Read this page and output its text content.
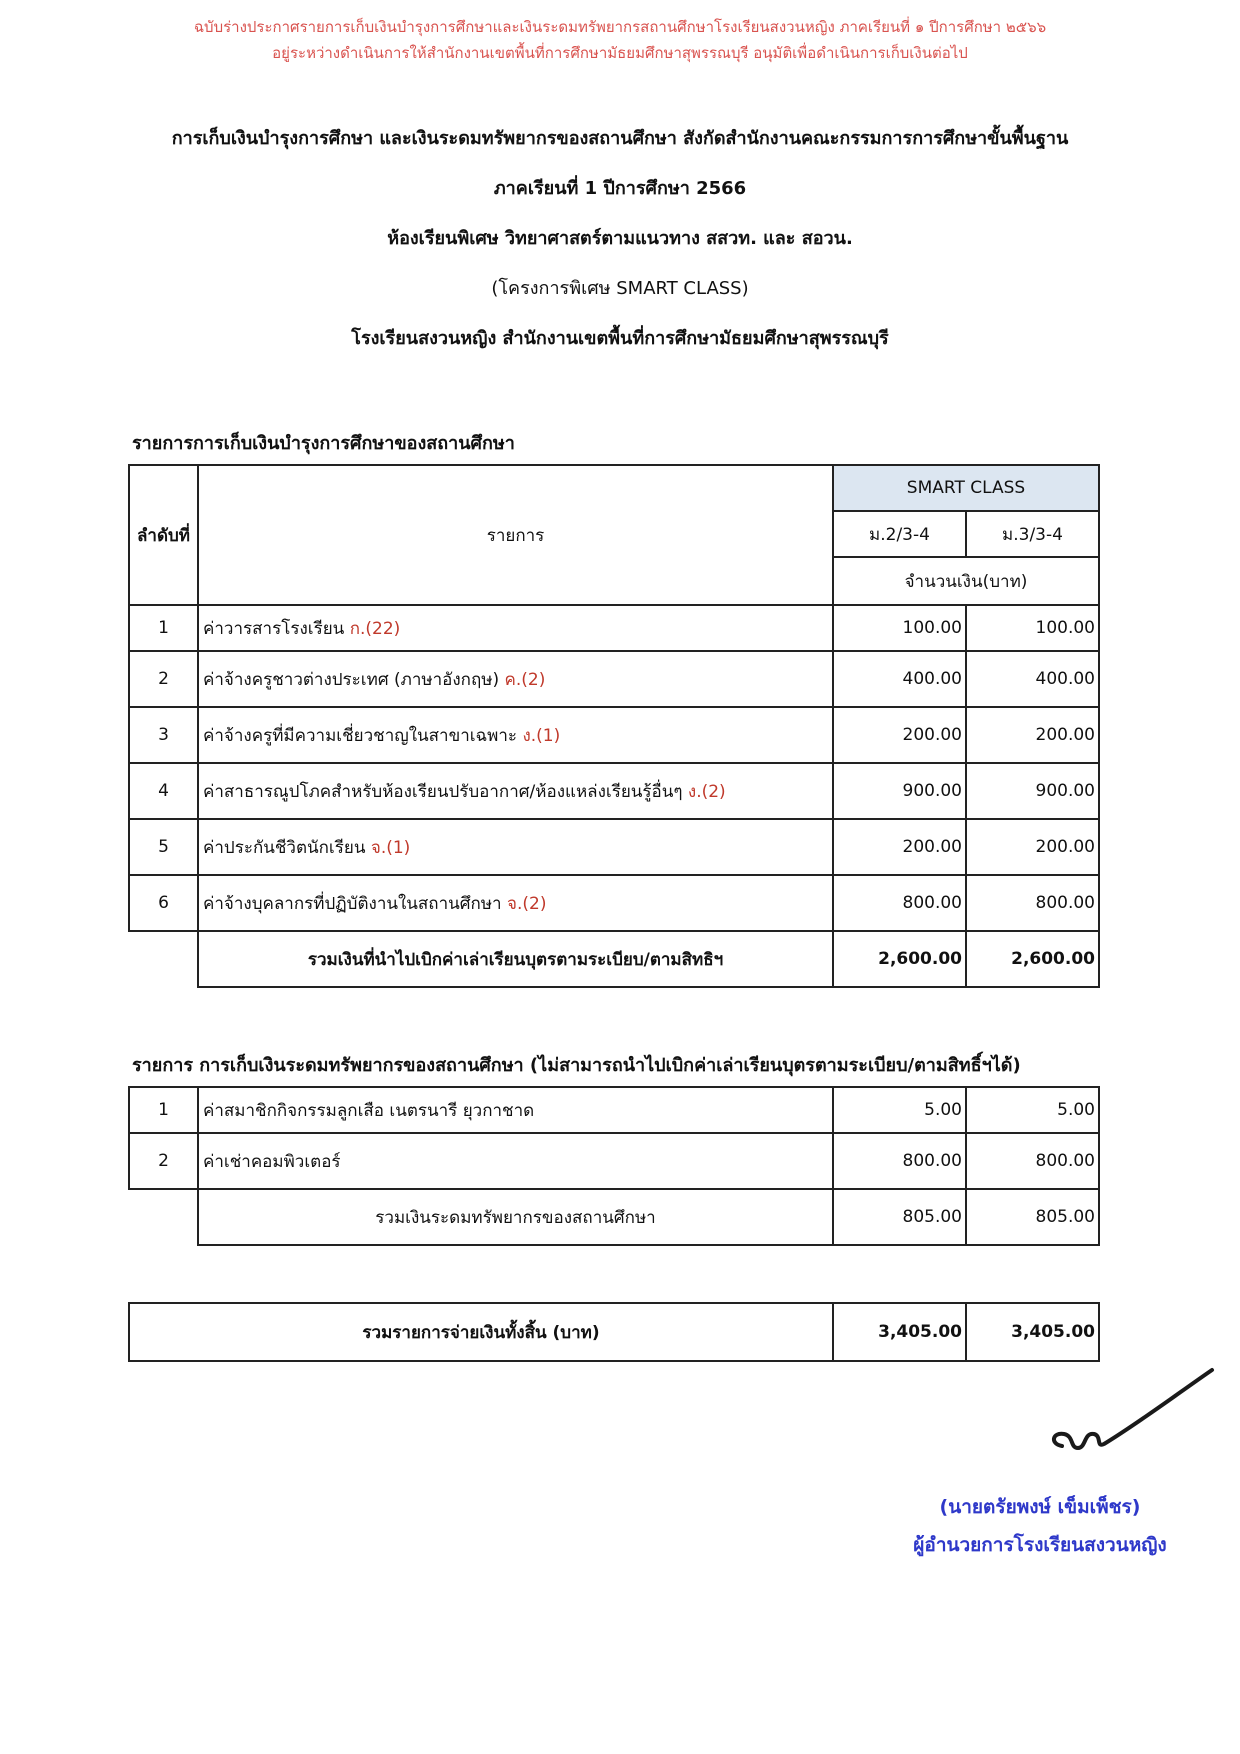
ฉบับร่างประกาศรายการเก็บเงินบำรุงการศึกษาและเงินระดมทรัพยากรสถานศึกษาโรงเรียนสงวนหญิง ภาคเรียนที่ ๑ ปีการศึกษา ๒๕๖๖
อยู่ระหว่างดำเนินการให้สำนักงานเขตพื้นที่การศึกษามัธยมศึกษาสุพรรณบุรี อนุมัติเพื่อดำเนินการเก็บเงินต่อไป
การเก็บเงินบำรุงการศึกษา และเงินระดมทรัพยากรของสถานศึกษา สังกัดสำนักงานคณะกรรมการการศึกษาขั้นพื้นฐาน
ภาคเรียนที่ 1 ปีการศึกษา 2566
ห้องเรียนพิเศษ วิทยาศาสตร์ตามแนวทาง สสวท. และ สอวน.
(โครงการพิเศษ SMART CLASS)
โรงเรียนสงวนหญิง สำนักงานเขตพื้นที่การศึกษามัธยมศึกษาสุพรรณบุรี
รายการการเก็บเงินบำรุงการศึกษาของสถานศึกษา
ลำดับที่	รายการ	SMART CLASS	
		ม.2/3-4	ม.3/3-4
		จำนวนเงิน(บาท)	
1	ค่าวารสารโรงเรียน ก.(22)	100.00	100.00
2	ค่าจ้างครูชาวต่างประเทศ (ภาษาอังกฤษ) ค.(2)	400.00	400.00
3	ค่าจ้างครูที่มีความเชี่ยวชาญในสาขาเฉพาะ ง.(1)	200.00	200.00
4	ค่าสาธารณูปโภคสำหรับห้องเรียนปรับอากาศ/ห้องแหล่งเรียนรู้อื่นๆ ง.(2)	900.00	900.00
5	ค่าประกันชีวิตนักเรียน จ.(1)	200.00	200.00
6	ค่าจ้างบุคลากรที่ปฏิบัติงานในสถานศึกษา จ.(2)	800.00	800.00
	รวมเงินที่นำไปเบิกค่าเล่าเรียนบุตรตามระเบียบ/ตามสิทธิฯ	2,600.00	2,600.00
รายการ การเก็บเงินระดมทรัพยากรของสถานศึกษา (ไม่สามารถนำไปเบิกค่าเล่าเรียนบุตรตามระเบียบ/ตามสิทธิ์ฯได้)
1	ค่าสมาชิกกิจกรรมลูกเสือ เนตรนารี ยุวกาชาด	5.00	5.00
2	ค่าเช่าคอมพิวเตอร์	800.00	800.00
	รวมเงินระดมทรัพยากรของสถานศึกษา	805.00	805.00
รวมรายการจ่ายเงินทั้งสิ้น (บาท)	3,405.00	3,405.00
(นายตรัยพงษ์ เข็มเพ็ชร)
ผู้อำนวยการโรงเรียนสงวนหญิง
